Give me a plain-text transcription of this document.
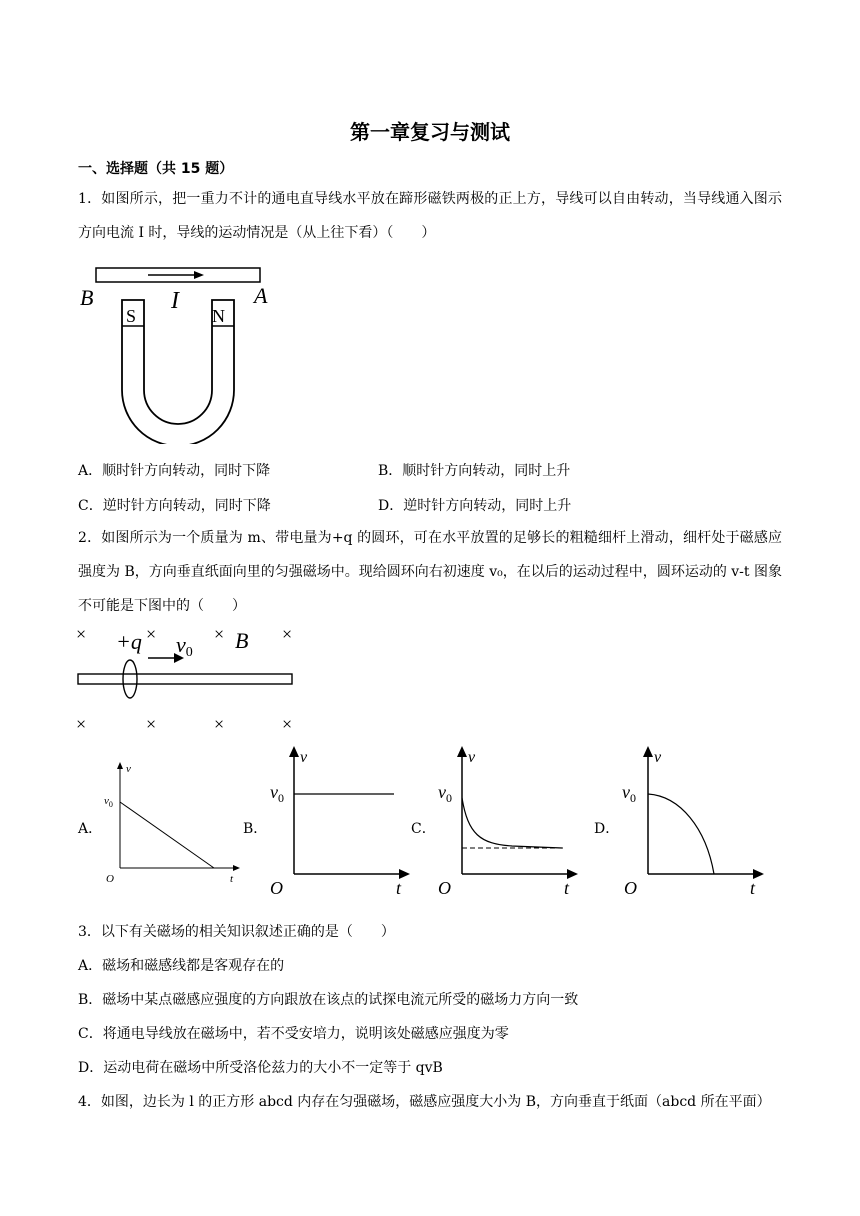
第一章复习与测试
一、选择题（共 15 题）
1．如图所示，把一重力不计的通电直导线水平放在蹄形磁铁两极的正上方，导线可以自由转动，当导线通入图示方向电流 I 时，导线的运动情况是（从上往下看）（　　）
B	A
I
S	N
A．顺时针方向转动，同时下降	B．顺时针方向转动，同时上升
C．逆时针方向转动，同时下降	D．逆时针方向转动，同时上升
2．如图所示为一个质量为 m、带电量为+q 的圆环，可在水平放置的足够长的粗糙细杆上滑动，细杆处于磁感应强度为 B，方向垂直纸面向里的匀强磁场中。现给圆环向右初速度 v₀，在以后的运动过程中，圆环运动的 v-t 图象不可能是下图中的（　　）
×	×	×	×
×	×	×	×
+q v0 B
A．
v
$v_0$
O	t
B．
v
$v_0$
O	t
C．
v
$v_0$
O	t
D．
v
$v_0$
O	t
3．以下有关磁场的相关知识叙述正确的是（　　）
A．磁场和磁感线都是客观存在的
B．磁场中某点磁感应强度的方向跟放在该点的试探电流元所受的磁场力方向一致
C．将通电导线放在磁场中，若不受安培力，说明该处磁感应强度为零
D．运动电荷在磁场中所受洛伦兹力的大小不一定等于 qvB
4．如图，边长为 l 的正方形 abcd 内存在匀强磁场，磁感应强度大小为 B，方向垂直于纸面（abcd 所在平面）
